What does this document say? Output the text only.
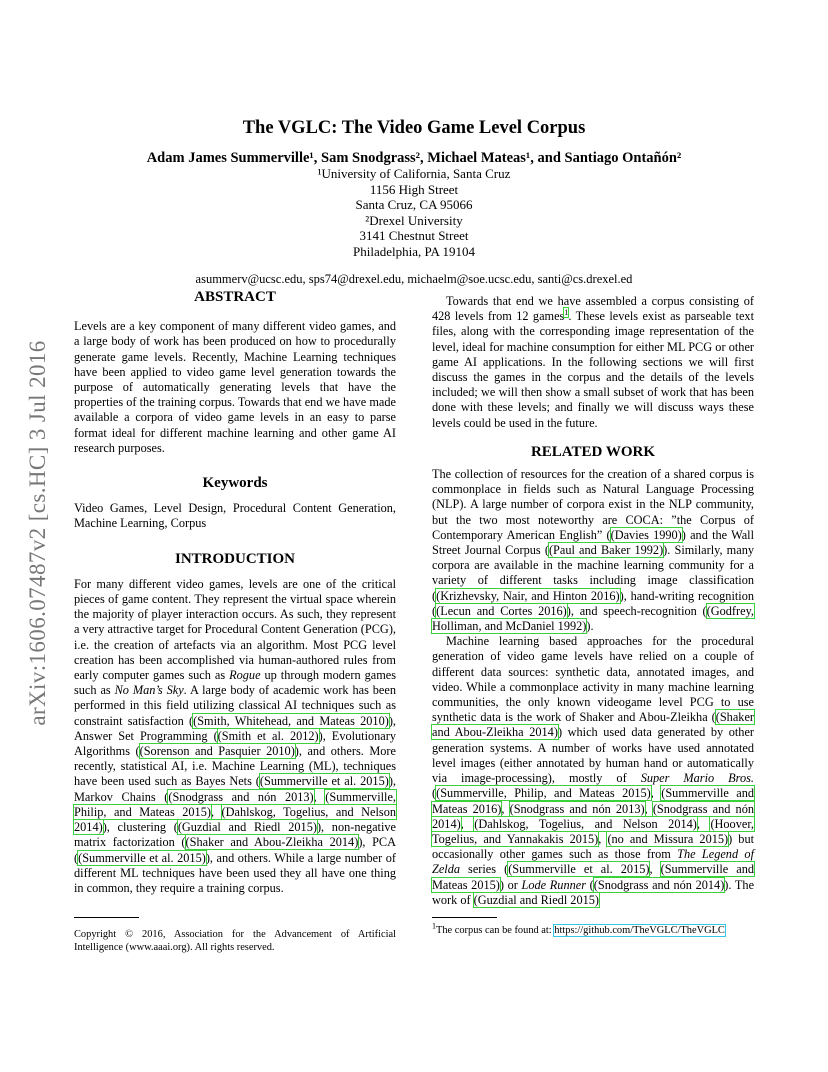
arXiv:1606.07487v2 [cs.HC] 3 Jul 2016
The VGLC: The Video Game Level Corpus
Adam James Summerville¹, Sam Snodgrass², Michael Mateas¹, and Santiago Ontañón²
¹University of California, Santa Cruz
1156 High Street
Santa Cruz, CA 95066
²Drexel University
3141 Chestnut Street
Philadelphia, PA 19104
asummerv@ucsc.edu, sps74@drexel.edu, michaelm@soe.ucsc.edu, santi@cs.drexel.ed
ABSTRACT

Levels are a key component of many different video games, and a large body of work has been produced on how to procedurally generate game levels. Recently, Machine Learning techniques have been applied to video game level generation towards the purpose of automatically generating levels that have the properties of the training corpus. Towards that end we have made available a corpora of video game levels in an easy to parse format ideal for different machine learning and other game AI research purposes.

Keywords

Video Games, Level Design, Procedural Content Generation, Machine Learning, Corpus

INTRODUCTION

For many different video games, levels are one of the critical pieces of game content. They represent the virtual space wherein the majority of player interaction occurs. As such, they represent a very attractive target for Procedural Content Generation (PCG), i.e. the creation of artefacts via an algorithm. Most PCG level creation has been accomplished via human-authored rules from early computer games such as Rogue up through modern games such as No Man’s Sky. A large body of academic work has been performed in this field utilizing classical AI techniques such as constraint satisfaction ((Smith, Whitehead, and Mateas 2010)), Answer Set Programming ((Smith et al. 2012)), Evolutionary Algorithms ((Sorenson and Pasquier 2010)), and others. More recently, statistical AI, i.e. Machine Learning (ML), techniques have been used such as Bayes Nets ((Summerville et al. 2015)), Markov Chains ((Snodgrass and nón 2013), (Summerville, Philip, and Mateas 2015), (Dahlskog, Togelius, and Nelson 2014)), clustering ((Guzdial and Riedl 2015)), non-negative matrix factorization ((Shaker and Abou-Zleikha 2014)), PCA ((Summerville et al. 2015)), and others. While a large number of different ML techniques have been used they all have one thing in common, they require a training corpus.

Copyright © 2016, Association for the Advancement of Artificial Intelligence (www.aaai.org). All rights reserved.

Towards that end we have assembled a corpus consisting of 428 levels from 12 games$^1$. These levels exist as parseable text files, along with the corresponding image representation of the level, ideal for machine consumption for either ML PCG or other game AI applications. In the following sections we will first discuss the games in the corpus and the details of the levels included; we will then show a small subset of work that has been done with these levels; and finally we will discuss ways these levels could be used in the future.

RELATED WORK

The collection of resources for the creation of a shared corpus is commonplace in fields such as Natural Language Processing (NLP). A large number of corpora exist in the NLP community, but the two most noteworthy are COCA: ”the Corpus of Contemporary American English” ((Davies 1990)) and the Wall Street Journal Corpus ((Paul and Baker 1992)). Similarly, many corpora are available in the machine learning community for a variety of different tasks including image classification ((Krizhevsky, Nair, and Hinton 2016)), hand-writing recognition ((Lecun and Cortes 2016)), and speech-recognition ((Godfrey, Holliman, and McDaniel 1992)).

Machine learning based approaches for the procedural generation of video game levels have relied on a couple of different data sources: synthetic data, annotated images, and video. While a commonplace activity in many machine learning communities, the only known videogame level PCG to use synthetic data is the work of Shaker and Abou-Zleikha ((Shaker and Abou-Zleikha 2014)) which used data generated by other generation systems. A number of works have used annotated level images (either annotated by human hand or automatically via image-processing), mostly of Super Mario Bros. ((Summerville, Philip, and Mateas 2015), (Summerville and Mateas 2016), (Snodgrass and nón 2013), (Snodgrass and nón 2014), (Dahlskog, Togelius, and Nelson 2014), (Hoover, Togelius, and Yannakakis 2015), (no and Missura 2015)) but occasionally other games such as those from The Legend of Zelda series ((Summerville et al. 2015), (Summerville and Mateas 2015)) or Lode Runner ((Snodgrass and nón 2014)). The work of (Guzdial and Riedl 2015)

$^1$The corpus can be found at: https://github.com/TheVGLC/TheVGLC
